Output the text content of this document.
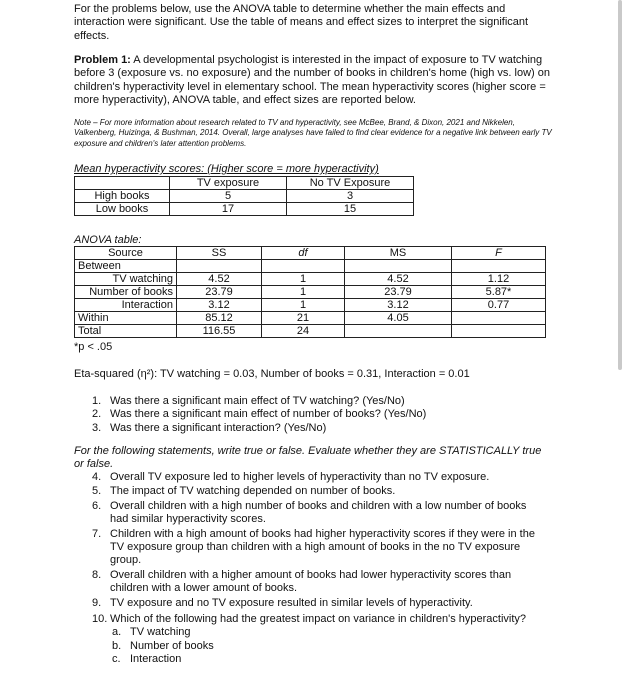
For the problems below, use the ANOVA table to determine whether the main effects and interaction were significant. Use the table of means and effect sizes to interpret the significant effects.
Problem 1: A developmental psychologist is interested in the impact of exposure to TV watching before 3 (exposure vs. no exposure) and the number of books in children's home (high vs. low) on children's hyperactivity level in elementary school. The mean hyperactivity scores (higher score = more hyperactivity), ANOVA table, and effect sizes are reported below.
Note – For more information about research related to TV and hyperactivity, see McBee, Brand, & Dixon, 2021 and Nikkelen, Valkenberg, Huizinga, & Bushman, 2014. Overall, large analyses have failed to find clear evidence for a negative link between early TV exposure and children's later attention problems.
Mean hyperactivity scores: (Higher score = more hyperactivity)
	TV exposure	No TV Exposure
High books	5	3
Low books	17	15
ANOVA table:
Source	SS	df	MS	F
Between				
TV watching	4.52	1	4.52	1.12
Number of books	23.79	1	23.79	5.87*
Interaction	3.12	1	3.12	0.77
Within	85.12	21	4.05	
Total	116.55	24		
*p < .05
Eta-squared (η²): TV watching = 0.03, Number of books = 0.31, Interaction = 0.01
1. Was there a significant main effect of TV watching? (Yes/No)
2. Was there a significant main effect of number of books? (Yes/No)
3. Was there a significant interaction? (Yes/No)
For the following statements, write true or false. Evaluate whether they are STATISTICALLY true or false.
4. Overall TV exposure led to higher levels of hyperactivity than no TV exposure.
5. The impact of TV watching depended on number of books.
6. Overall children with a high number of books and children with a low number of books had similar hyperactivity scores.
7. Children with a high amount of books had higher hyperactivity scores if they were in the TV exposure group than children with a high amount of books in the no TV exposure group.
8. Overall children with a higher amount of books had lower hyperactivity scores than children with a lower amount of books.
9. TV exposure and no TV exposure resulted in similar levels of hyperactivity.
10. Which of the following had the greatest impact on variance in children's hyperactivity?
a. TV watching
b. Number of books
c. Interaction
